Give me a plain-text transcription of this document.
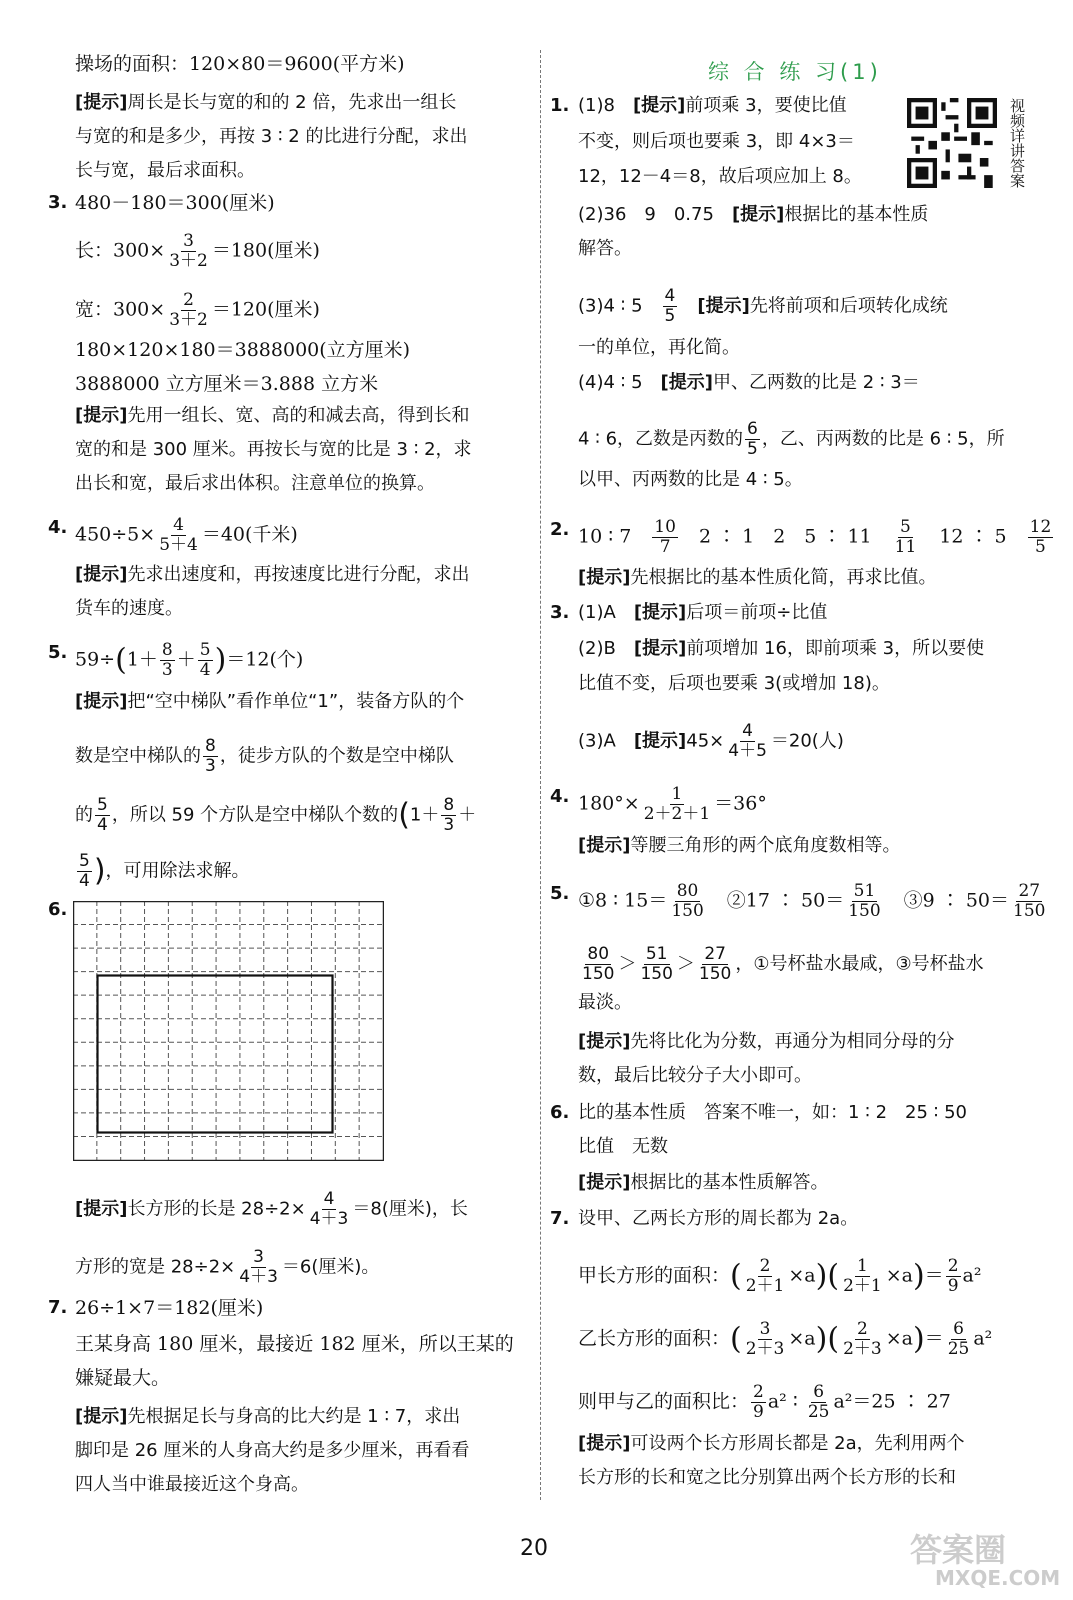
操场的面积：120×80＝9600(平方米)
[提示]周长是长与宽的和的 2 倍，先求出一组长
与宽的和是多少，再按 3 ∶ 2 的比进行分配，求出
长与宽，最后求面积。
3. 480－180＝300(厘米)
长：$300\times \frac{3}{3+2} =180$(厘米)
宽：$300\times \frac{2}{3+2} =120$(厘米)
180×120×180＝3888000(立方厘米)
3888000 立方厘米＝3.888 立方米
[提示]先用一组长、宽、高的和减去高，得到长和
宽的和是 300 厘米。再按长与宽的比是 3 ∶ 2，求
出长和宽，最后求出体积。注意单位的换算。
4. $450\div 5\times \frac{4}{5+4} =40$(千米)
[提示]先求出速度和，再按速度比进行分配，求出
货车的速度。
5. $59\div(1+ \frac{8}{3} + \frac{5}{4} )=12$(个)
[提示]把“空中梯队”看作单位“1”，装备方队的个
数是空中梯队的 $\frac{8}{3}$ ，徒步方队的个数是空中梯队
的 $\frac{5}{4}$ ，所以 59 个方队是空中梯队个数的($1+ \frac{8}{3}$ ＋
$\frac{5}{4}$ )，可用除法求解。
6.
[提示]长方形的长是 $28\div 2\times \frac{4}{4+3} =8$(厘米)，长
方形的宽是 $28\div 2\times \frac{3}{4+3} =6$(厘米)。
7. 26÷1×7＝182(厘米)
王某身高 180 厘米，最接近 182 厘米，所以王某的
嫌疑最大。
[提示]先根据足长与身高的比大约是 1 ∶ 7，求出
脚印是 26 厘米的人身高大约是多少厘米，再看看
四人当中谁最接近这个身高。
综 合 练 习(1)
视频详讲答案
1. (1)8　[提示]前项乘 3，要使比值
不变，则后项也要乘 3，即 4×3＝
12，12－4＝8，故后项应加上 8。
(2)36　9　0.75　[提示]根据比的基本性质
解答。
(3)4 ∶ 5　 $\frac{4}{5}$ 　[提示]先将前项和后项转化成统
一的单位，再化简。
(4)4 ∶ 5　[提示]甲、乙两数的比是 2 ∶ 3＝
4 ∶ 6，乙数是丙数的 $\frac{6}{5}$ ，乙、丙两数的比是 6 ∶ 5，所
以甲、丙两数的比是 4 ∶ 5。
2. 10 ∶ 7　 $\frac{10}{7}$ 　2 ∶ 1　2　5 ∶ 11　 $\frac{5}{11}$ 　12 ∶ 5　 $\frac{12}{5}$
[提示]先根据比的基本性质化简，再求比值。
3. (1)A　[提示]后项＝前项÷比值
(2)B　[提示]前项增加 16，即前项乘 3，所以要使
比值不变，后项也要乘 3(或增加 18)。
(3)A　[提示]$45\times \frac{4}{4+5} =20$(人)
4. $180^\circ\times \frac{1}{2+2+1} =36^\circ$
[提示]等腰三角形的两个底角度数相等。
5. ①8 ∶ $15= \frac{80}{150}$ 　②17 ∶ $50= \frac{51}{150}$ 　③9 ∶ $50= \frac{27}{150}$
$\frac{80}{150} > \frac{51}{150} > \frac{27}{150}$ ，①号杯盐水最咸，③号杯盐水
最淡。
[提示]先将比化为分数，再通分为相同分母的分
数，最后比较分子大小即可。
6. 比的基本性质　答案不唯一，如：1 ∶ 2　25 ∶ 50
比值　无数
[提示]根据比的基本性质解答。
7. 设甲、乙两长方形的周长都为 2a。
甲长方形的面积：( $\frac{2}{2+1} \times a)( \frac{1}{2+1} \times a)= \frac{2}{9} a^2$
乙长方形的面积：( $\frac{3}{2+3} \times a)( \frac{2}{2+3} \times a)= \frac{6}{25} a^2$
则甲与乙的面积比： $\frac{2}{9} a^2$ ∶ $\frac{6}{25} a^2=25$ ∶ 27
[提示]可设两个长方形周长都是 2a，先利用两个
长方形的长和宽之比分别算出两个长方形的长和
20	答案圈
MXQE.COM
